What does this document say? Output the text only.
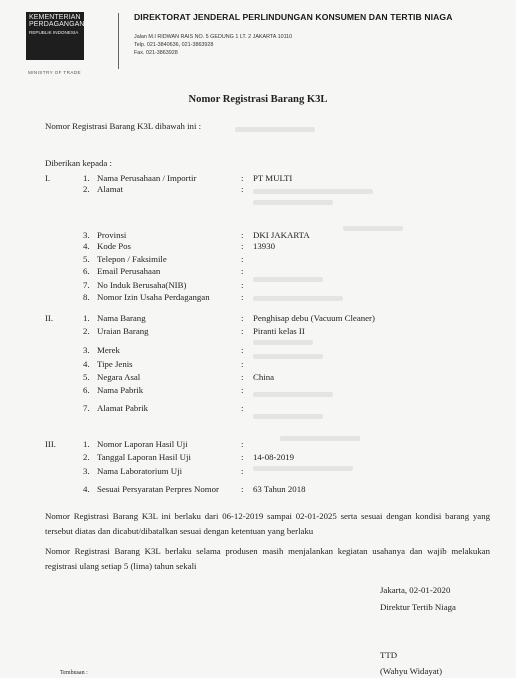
KEMENTERIAN
PERDAGANGAN
REPUBLIK INDONESIA
MINISTRY OF TRADE
DIREKTORAT JENDERAL PERLINDUNGAN KONSUMEN DAN TERTIB NIAGA
Jalan M.I RIDWAN RAIS NO. 5 GEDUNG 1 LT. 2 JAKARTA 10110
Telp. 021-3840636, 021-3863928
Fax. 021-3863928
Nomor Registrasi Barang K3L
Nomor Registrasi Barang K3L dibawah ini :
Diberikan kepada :
I.	1. Nama Perusahaan / Importir	: PT MULTI
2. Alamat	:
3. Provinsi	: DKI JAKARTA
4. Kode Pos	: 13930
5. Telepon / Faksimile	:
6. Email Perusahaan	:
7. No Induk Berusaha(NIB)	:
8. Nomor Izin Usaha Perdagangan	:
II.	1. Nama Barang	: Penghisap debu (Vacuum Cleaner)
2. Uraian Barang	: Piranti kelas II
3. Merek	:
4. Tipe Jenis	:
5. Negara Asal	: China
6. Nama Pabrik	:
7. Alamat Pabrik	:
III.	1. Nomor Laporan Hasil Uji	:
2. Tanggal Laporan Hasil Uji	: 14-08-2019
3. Nama Laboratorium Uji	:
4. Sesuai Persyaratan Perpres Nomor	: 63 Tahun 2018
Nomor Registrasi Barang K3L ini berlaku dari 06-12-2019 sampai 02-01-2025 serta sesuai dengan kondisi barang yang tersebut diatas dan dicabut/dibatalkan sesuai dengan ketentuan yang berlaku
Nomor Registrasi Barang K3L berlaku selama produsen masih menjalankan kegiatan usahanya dan wajib melakukan registrasi ulang setiap 5 (lima) tahun sekali
Jakarta, 02-01-2020
Direktur Tertib Niaga
TTD
(Wahyu Widayat)
Tembusan :
